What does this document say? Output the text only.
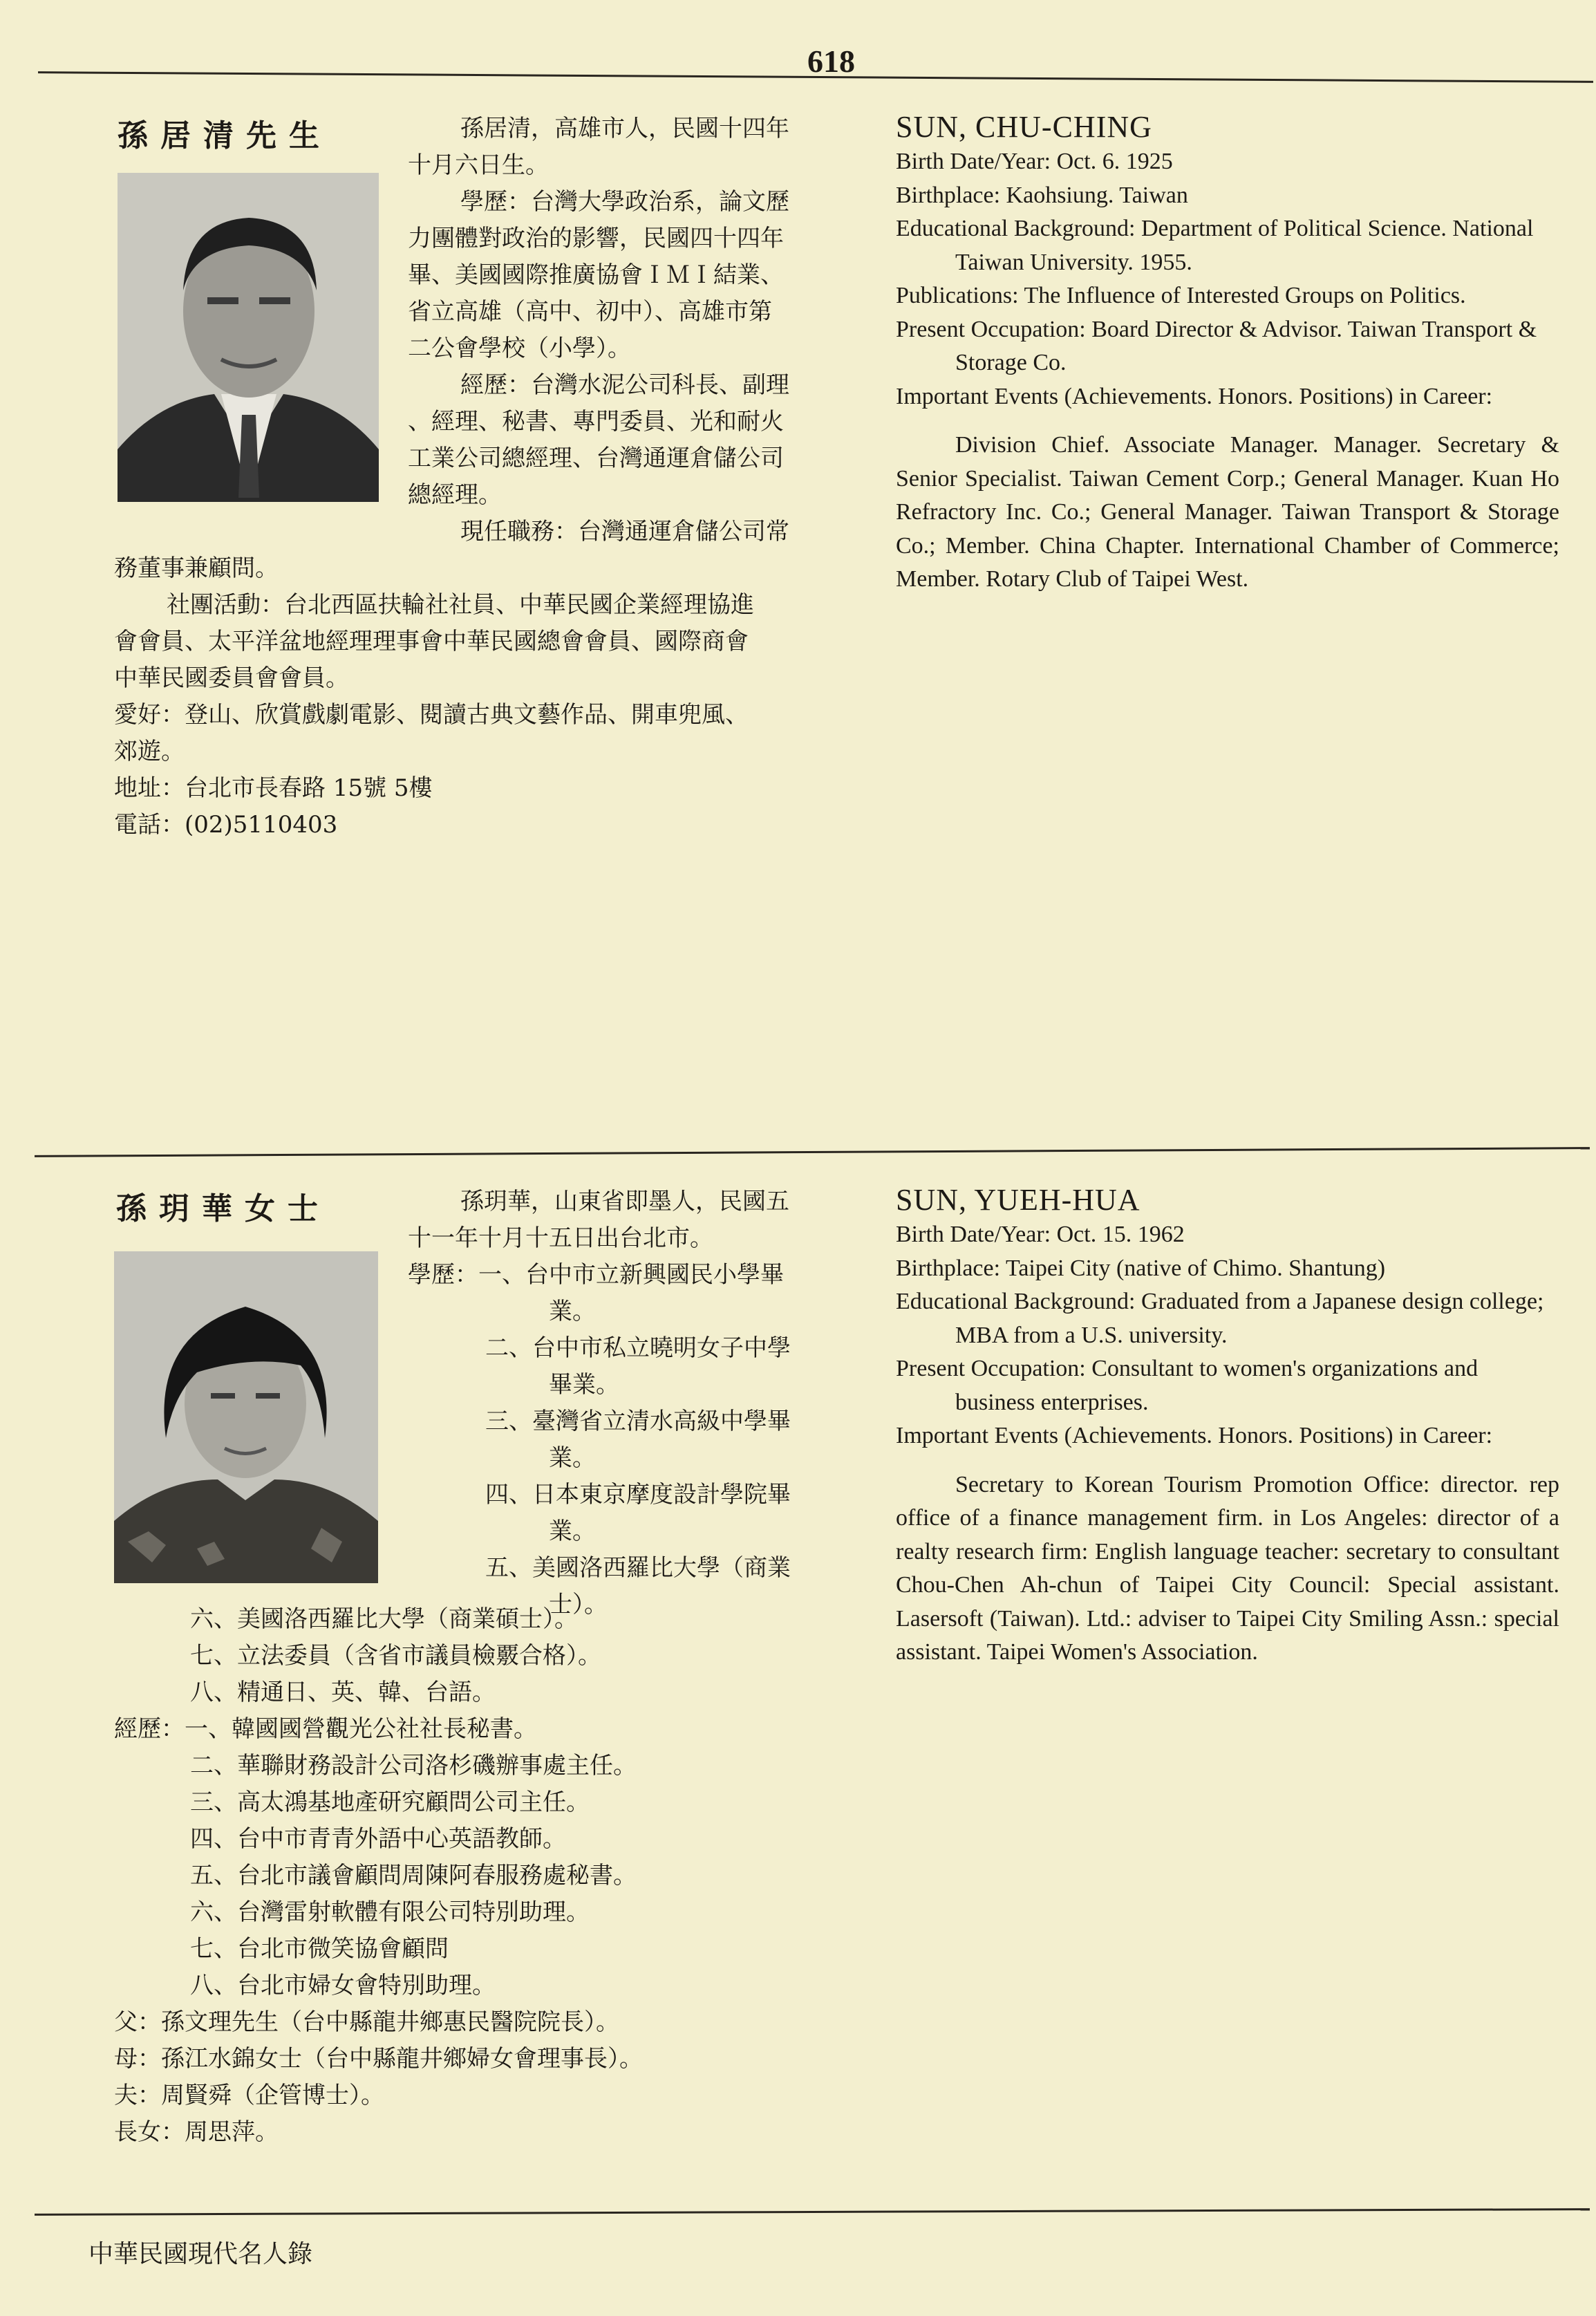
618
孫居清先生	孫居清，高雄市人，民國十四年

十月六日生。

學歷：台灣大學政治系，論文歷

力團體對政治的影響，民國四十四年

畢、美國國際推廣協會ＩＭＩ結業、

省立高雄（高中、初中）、高雄市第

二公會學校（小學）。

經歷：台灣水泥公司科長、副理

、經理、秘書、專門委員、光和耐火

工業公司總經理、台灣通運倉儲公司

總經理。

現任職務：台灣通運倉儲公司常

務董事兼顧問。

社團活動：台北西區扶輪社社員、中華民國企業經理協進

會會員、太平洋盆地經理理事會中華民國總會會員、國際商會

中華民國委員會會員。

愛好：登山、欣賞戲劇電影、閱讀古典文藝作品、開車兜風、

郊遊。

地址：台北市長春路 15號 5樓

電話：(02)5110403

SUN, CHU-CHING

Birth Date/Year: Oct. 6. 1925

Birthplace: Kaohsiung. Taiwan

Educational Background: Department of Political Science. National Taiwan University. 1955.

Publications: The Influence of Interested Groups on Politics.

Present Occupation: Board Director & Advisor. Taiwan Transport & Storage Co.

Important Events (Achievements. Honors. Positions) in Career:

Division Chief. Associate Manager. Manager. Secretary & Senior Specialist. Taiwan Cement Corp.; General Manager. Kuan Ho Refractory Inc. Co.; General Manager. Taiwan Transport & Storage Co.; Member. China Chapter. International Chamber of Commerce; Member. Rotary Club of Taipei West.

孫玥華女士	孫玥華，山東省即墨人，民國五

十一年十月十五日出台北市。

學歷：一、台中市立新興國民小學畢

業。

二、台中市私立曉明女子中學

畢業。

三、臺灣省立清水高級中學畢

業。

四、日本東京摩度設計學院畢

業。

五、美國洛西羅比大學（商業

士）。

六、美國洛西羅比大學（商業碩士）。

七、立法委員（含省市議員檢覈合格）。

八、精通日、英、韓、台語。

經歷：一、韓國國營觀光公社社長秘書。

二、華聯財務設計公司洛杉磯辦事處主任。

三、高太鴻基地產研究顧問公司主任。

四、台中市青青外語中心英語教師。

五、台北市議會顧問周陳阿春服務處秘書。

六、台灣雷射軟體有限公司特別助理。

七、台北市微笑協會顧問

八、台北市婦女會特別助理。

父：孫文理先生（台中縣龍井鄉惠民醫院院長）。

母：孫江水錦女士（台中縣龍井鄉婦女會理事長）。

夫：周賢舜（企管博士）。

長女：周思萍。

SUN, YUEH-HUA

Birth Date/Year: Oct. 15. 1962

Birthplace: Taipei City (native of Chimo. Shantung)

Educational Background: Graduated from a Japanese design college; MBA from a U.S. university.

Present Occupation: Consultant to women's organizations and business enterprises.

Important Events (Achievements. Honors. Positions) in Career:

Secretary to Korean Tourism Promotion Office: director. rep office of a finance management firm. in Los Angeles: director of a realty research firm: English language teacher: secretary to consultant Chou-Chen Ah-chun of Taipei City Council: Special assistant. Lasersoft (Taiwan). Ltd.: adviser to Taipei City Smiling Assn.: special assistant. Taipei Women's Association.

中華民國現代名人錄
